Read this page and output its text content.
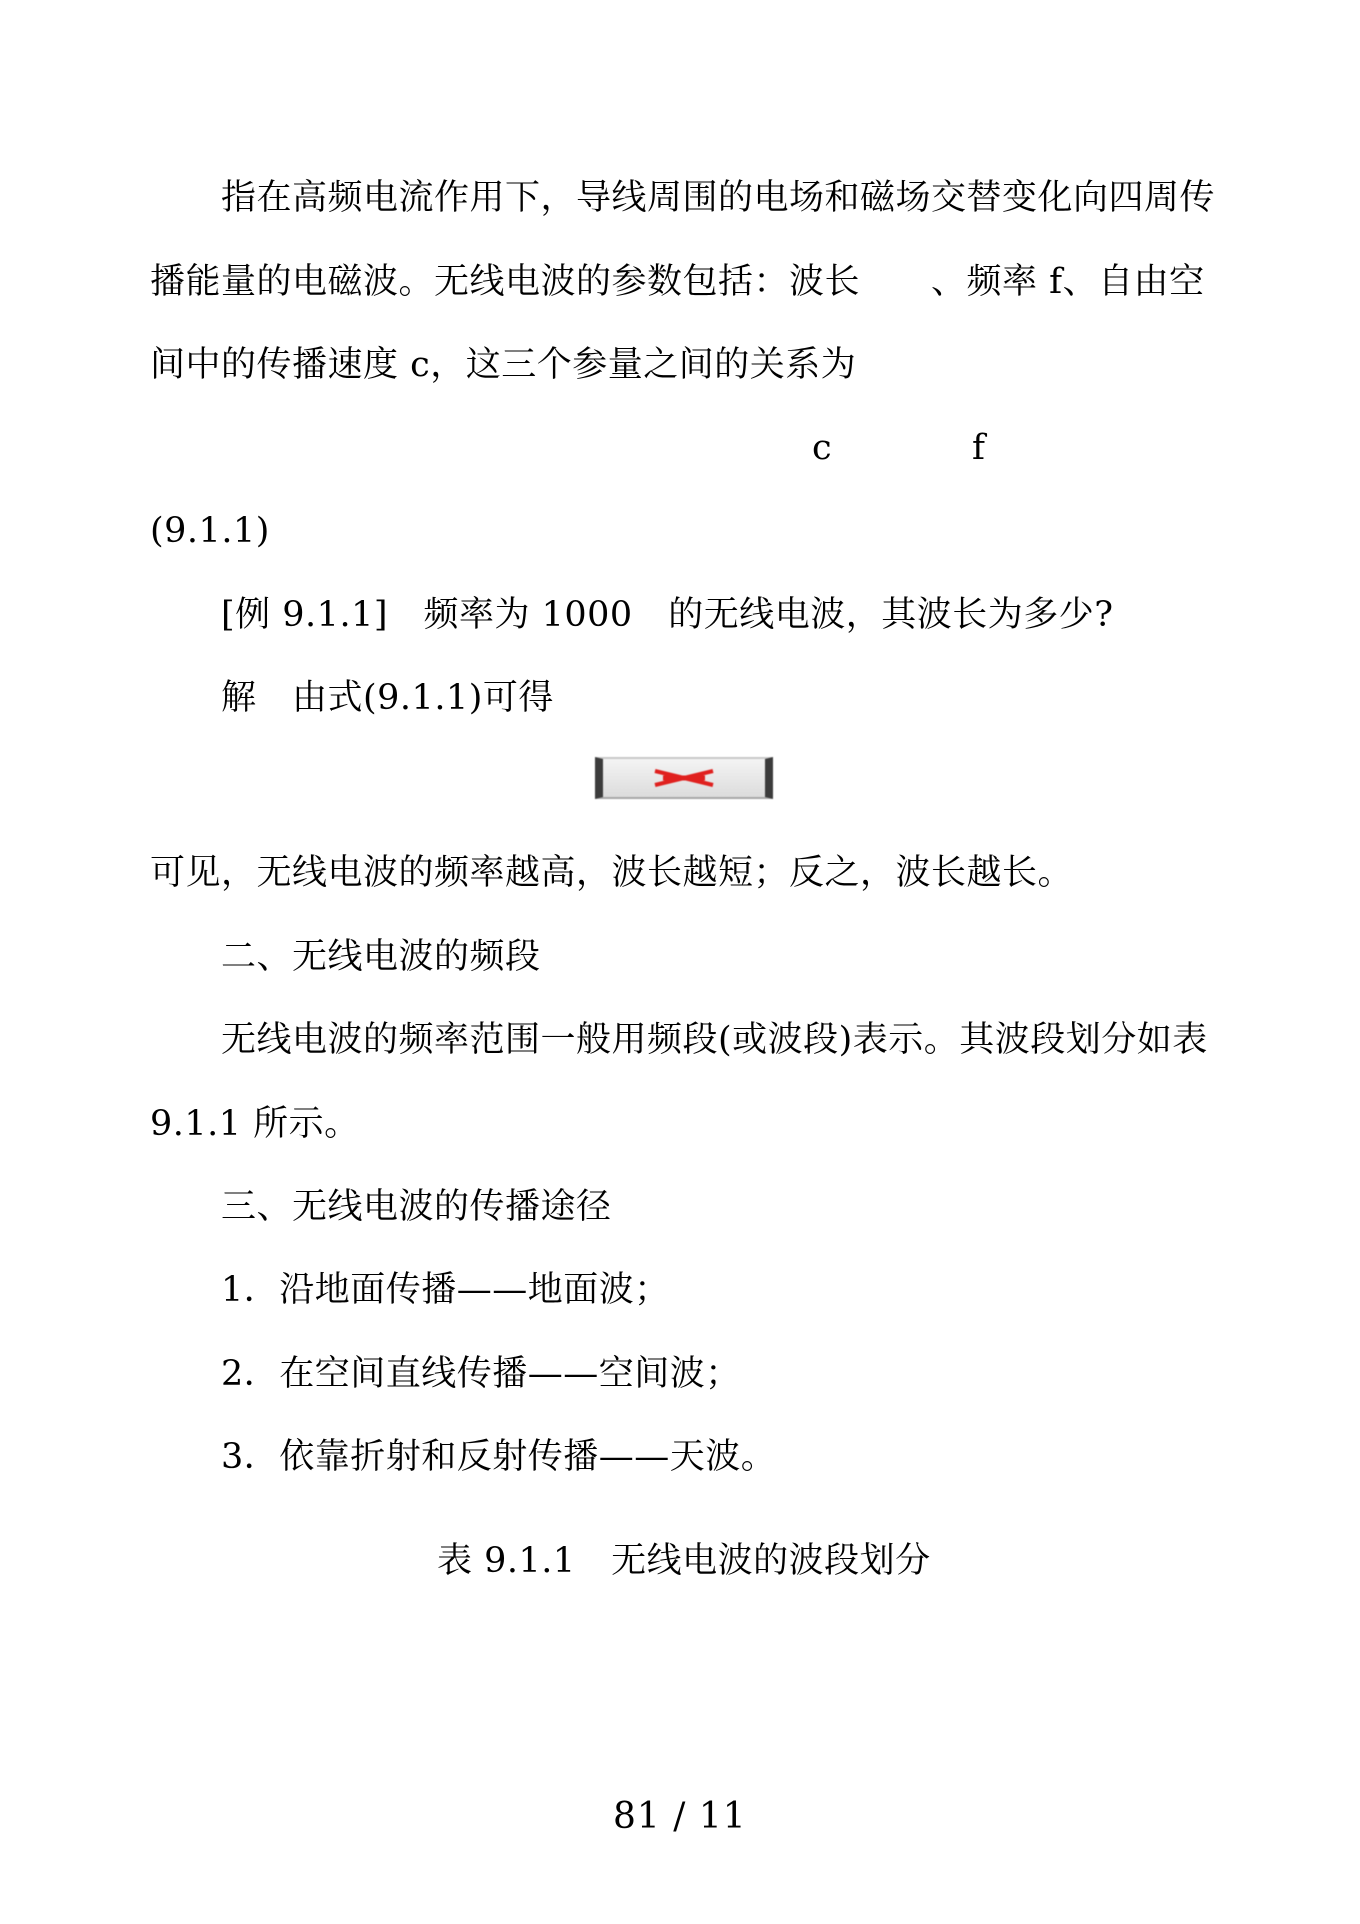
指在高频电流作用下，导线周围的电场和磁场交替变化向四周传

播能量的电磁波。无线电波的参数包括：波长　　、频率 f、自由空

间中的传播速度 c，这三个参量之间的关系为

c	f
(9.1.1)

[例 9.1.1]　频率为 1000　的无线电波，其波长为多少?

解　由式(9.1.1)可得

可见，无线电波的频率越高，波长越短；反之，波长越长。

二、无线电波的频段

无线电波的频率范围一般用频段(或波段)表示。其波段划分如表

9.1.1 所示。

三、无线电波的传播途径

1．沿地面传播——地面波；

2．在空间直线传播——空间波；

3．依靠折射和反射传播——天波。

表 9.1.1　无线电波的波段划分

81 / 11
